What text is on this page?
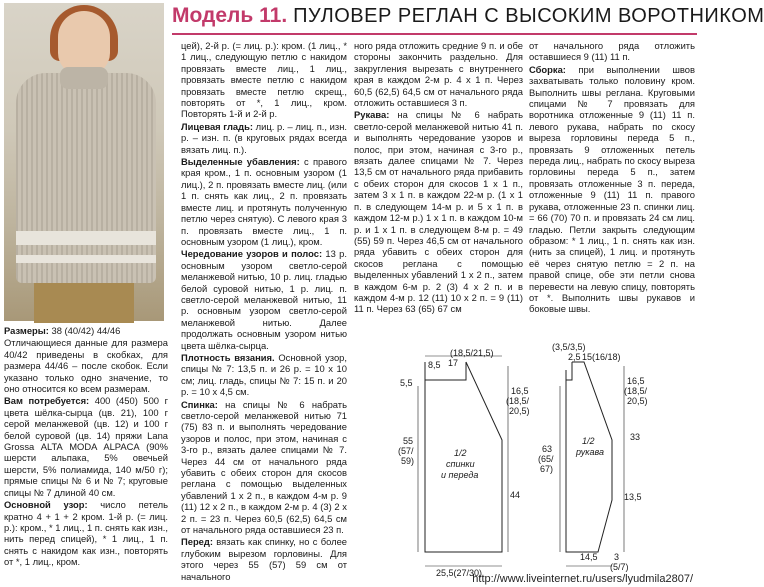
Модель 11. ПУЛОВЕР РЕГЛАН С ВЫСОКИМ ВОРОТНИКОМ

Размеры: 38 (40/42) 44/46

Отличающиеся данные для размера 40/42 приведены в скобках, для размера 44/46 – после скобок. Если указано только одно значение, то оно относится ко всем размерам.

Вам потребуется: 400 (450) 500 г цвета шёлка-сырца (цв. 21), 100 г серой меланжевой (цв. 12) и 100 г белой суровой (цв. 14) пряжи Lana Grossa ALTA MODA ALPACA (90% шерсти альпака, 5% овечьей шерсти, 5% полиамида, 140 м/50 г); прямые спицы № 6 и № 7; круговые спицы № 7 длиной 40 см.

Основной узор: число петель кратно 4 + 1 + 2 кром. 1-й р. (= лиц. р.): кром., * 1 лиц., 1 п. снять как изн., нить перед спицей), * 1 лиц., 1 п. снять с накидом как изн., повторять от *, 1 лиц., кром.

цей), 2-й р. (= лиц. р.): кром. (1 лиц., * 1 лиц., следующую петлю с накидом провязать вместе лиц., 1 лиц., провязать вместе петлю с накидом провязать вместе петлю скрещ., повторять от *, 1 лиц., кром. Повторять 1-й и 2-й р.

Лицевая гладь: лиц. р. – лиц. п., изн. р. – изн. п. (в круговых рядах всегда вязать лиц. п.).

Выделенные убавления: с правого края кром., 1 п. основным узором (1 лиц.), 2 п. провязать вместе лиц. (или 1 п. снять как лиц., 2 п. провязать вместе лиц. и протянуть полученную петлю через снятую). С левого края 3 п. провязать вместе лиц., 1 п. основным узором (1 лиц.), кром.

Чередование узоров и полос: 13 р. основным узором светло-серой меланжевой нитью, 10 р. лиц. гладью белой суровой нитью, 1 р. лиц. п. светло-серой меланжевой нитью, 11 р. основным узором светло-серой меланжевой нитью. Далее продолжать основным узором нитью цвета шёлка-сырца.

Плотность вязания. Основной узор, спицы № 7: 13,5 п. и 26 р. = 10 х 10 см; лиц. гладь, спицы № 7: 15 п. и 20 р. = 10 х 4,5 см.

Спинка: на спицы № 6 набрать светло-серой меланжевой нитью 71 (75) 83 п. и выполнять чередование узоров и полос, при этом, начиная с 3-го р., вязать далее спицами № 7. Через 44 см от начального ряда убавить с обеих сторон для скосов реглана с помощью выделенных убавлений 1 х 2 п., в каждом 4-м р. 9 (11) 12 х 2 п., в каждом 2-м р. 4 (3) 2 х 2 п. = 23 п. Через 60,5 (62,5) 64,5 см от начального ряда оставшиеся 23 п.

Перед: вязать как спинку, но с более глубоким вырезом горловины. Для этого через 55 (57) 59 см от начального

ного ряда отложить средние 9 п. и обе стороны закончить раздельно. Для закругления вырезать с внутреннего края в каждом 2-м р. 4 х 1 п. Через 60,5 (62,5) 64,5 см от начального ряда отложить оставшиеся 3 п.

Рукава: на спицы № 6 набрать светло-серой меланжевой нитью 41 п. и выполнять чередование узоров и полос, при этом, начиная с 3-го р., вязать далее спицами № 7. Через 13,5 см от начального ряда прибавить с обеих сторон для скосов 1 х 1 п., затем 3 х 1 п. в каждом 22-м р. (1 х 1 п. в следующем 14-м р. и 5 х 1 п. в каждом 12-м р.) 1 х 1 п. в каждом 10-м р. и 1 х 1 п. в следующем 8-м р. = 49 (55) 59 п. Через 46,5 см от начального ряда убавить с обеих сторон для скосов реглана с помощью выделенных убавлений 1 х 2 п., затем в каждом 6-м р. 2 (3) 4 х 2 п. и в каждом 4-м р. 12 (11) 10 х 2 п. = 9 (11) 11 п. Через 63 (65) 67 см

от начального ряда отложить оставшиеся 9 (11) 11 п.

Сборка: при выполнении швов захватывать только половину кром. Выполнить швы реглана. Круговыми спицами № 7 провязать для воротника отложенные 9 (11) 11 п. левого рукава, набрать по скосу выреза горловины переда 5 п., провязать 9 отложенных петель переда лиц., набрать по скосу выреза горловины переда 5 п., затем провязать отложенные 3 п. переда, отложенные 9 (11) 11 п. правого рукава, отложенные 23 п. спинки лиц. = 66 (70) 70 п. и провязать 24 см лиц. гладью. Петли закрыть следующим образом: * 1 лиц., 1 п. снять как изн. (нить за спицей), 1 лиц. и протянуть её через снятую петлю = 2 п. на правой спице, обе эти петли снова перевести на левую спицу, повторять от *. Выполнить швы рукавов и боковые швы.

8,5
(18,5/21,5)
17
5,5
16,5
(18,5/
20,5)
55
(57/
59)
44
1/2
спинки
и переда
25,5(27/30)
(3,5/3,5)
2,5 15(16/18)
16,5
(18,5/
20,5)
63
(65/
67)
33
13,5
1/2
рукава
14,5 3
(5/7)
http://www.liveinternet.ru/users/lyudmila2807/
